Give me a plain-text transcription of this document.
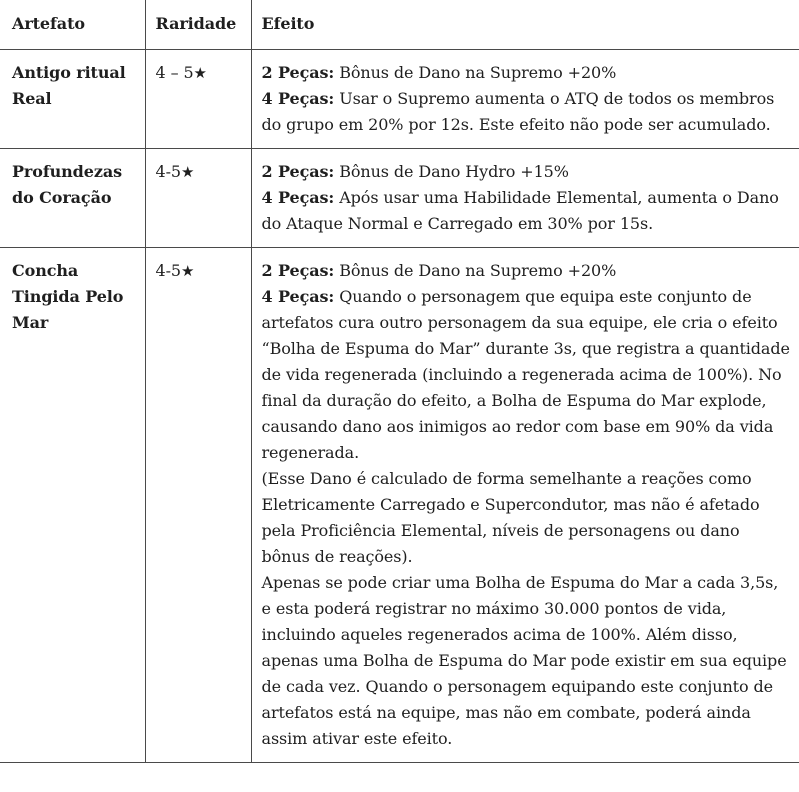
Artefato	Raridade	Efeito
Antigo ritual Real	4 – 5★	2 Peças: Bônus de Dano na Supremo +20%
4 Peças: Usar o Supremo aumenta o ATQ de todos os membros do grupo em 20% por 12s. Este efeito não pode ser acumulado.

Profundezas do Coração	4-5★	2 Peças: Bônus de Dano Hydro +15%
4 Peças: Após usar uma Habilidade Elemental, aumenta o Dano do Ataque Normal e Carregado em 30% por 15s.

Concha Tingida Pelo Mar	4-5★	2 Peças: Bônus de Dano na Supremo +20%
4 Peças: Quando o personagem que equipa este conjunto de artefatos cura outro personagem da sua equipe, ele cria o efeito “Bolha de Espuma do Mar” durante 3s, que registra a quantidade de vida regenerada (incluindo a regenerada acima de 100%). No final da duração do efeito, a Bolha de Espuma do Mar explode, causando dano aos inimigos ao redor com base em 90% da vida regenerada.
(Esse Dano é calculado de forma semelhante a reações como Eletricamente Carregado e Supercondutor, mas não é afetado pela Proficiência Elemental, níveis de personagens ou dano bônus de reações).
Apenas se pode criar uma Bolha de Espuma do Mar a cada 3,5s, e esta poderá registrar no máximo 30.000 pontos de vida, incluindo aqueles regenerados acima de 100%. Além disso, apenas uma Bolha de Espuma do Mar pode existir em sua equipe de cada vez. Quando o personagem equipando este conjunto de artefatos está na equipe, mas não em combate, poderá ainda assim ativar este efeito.
